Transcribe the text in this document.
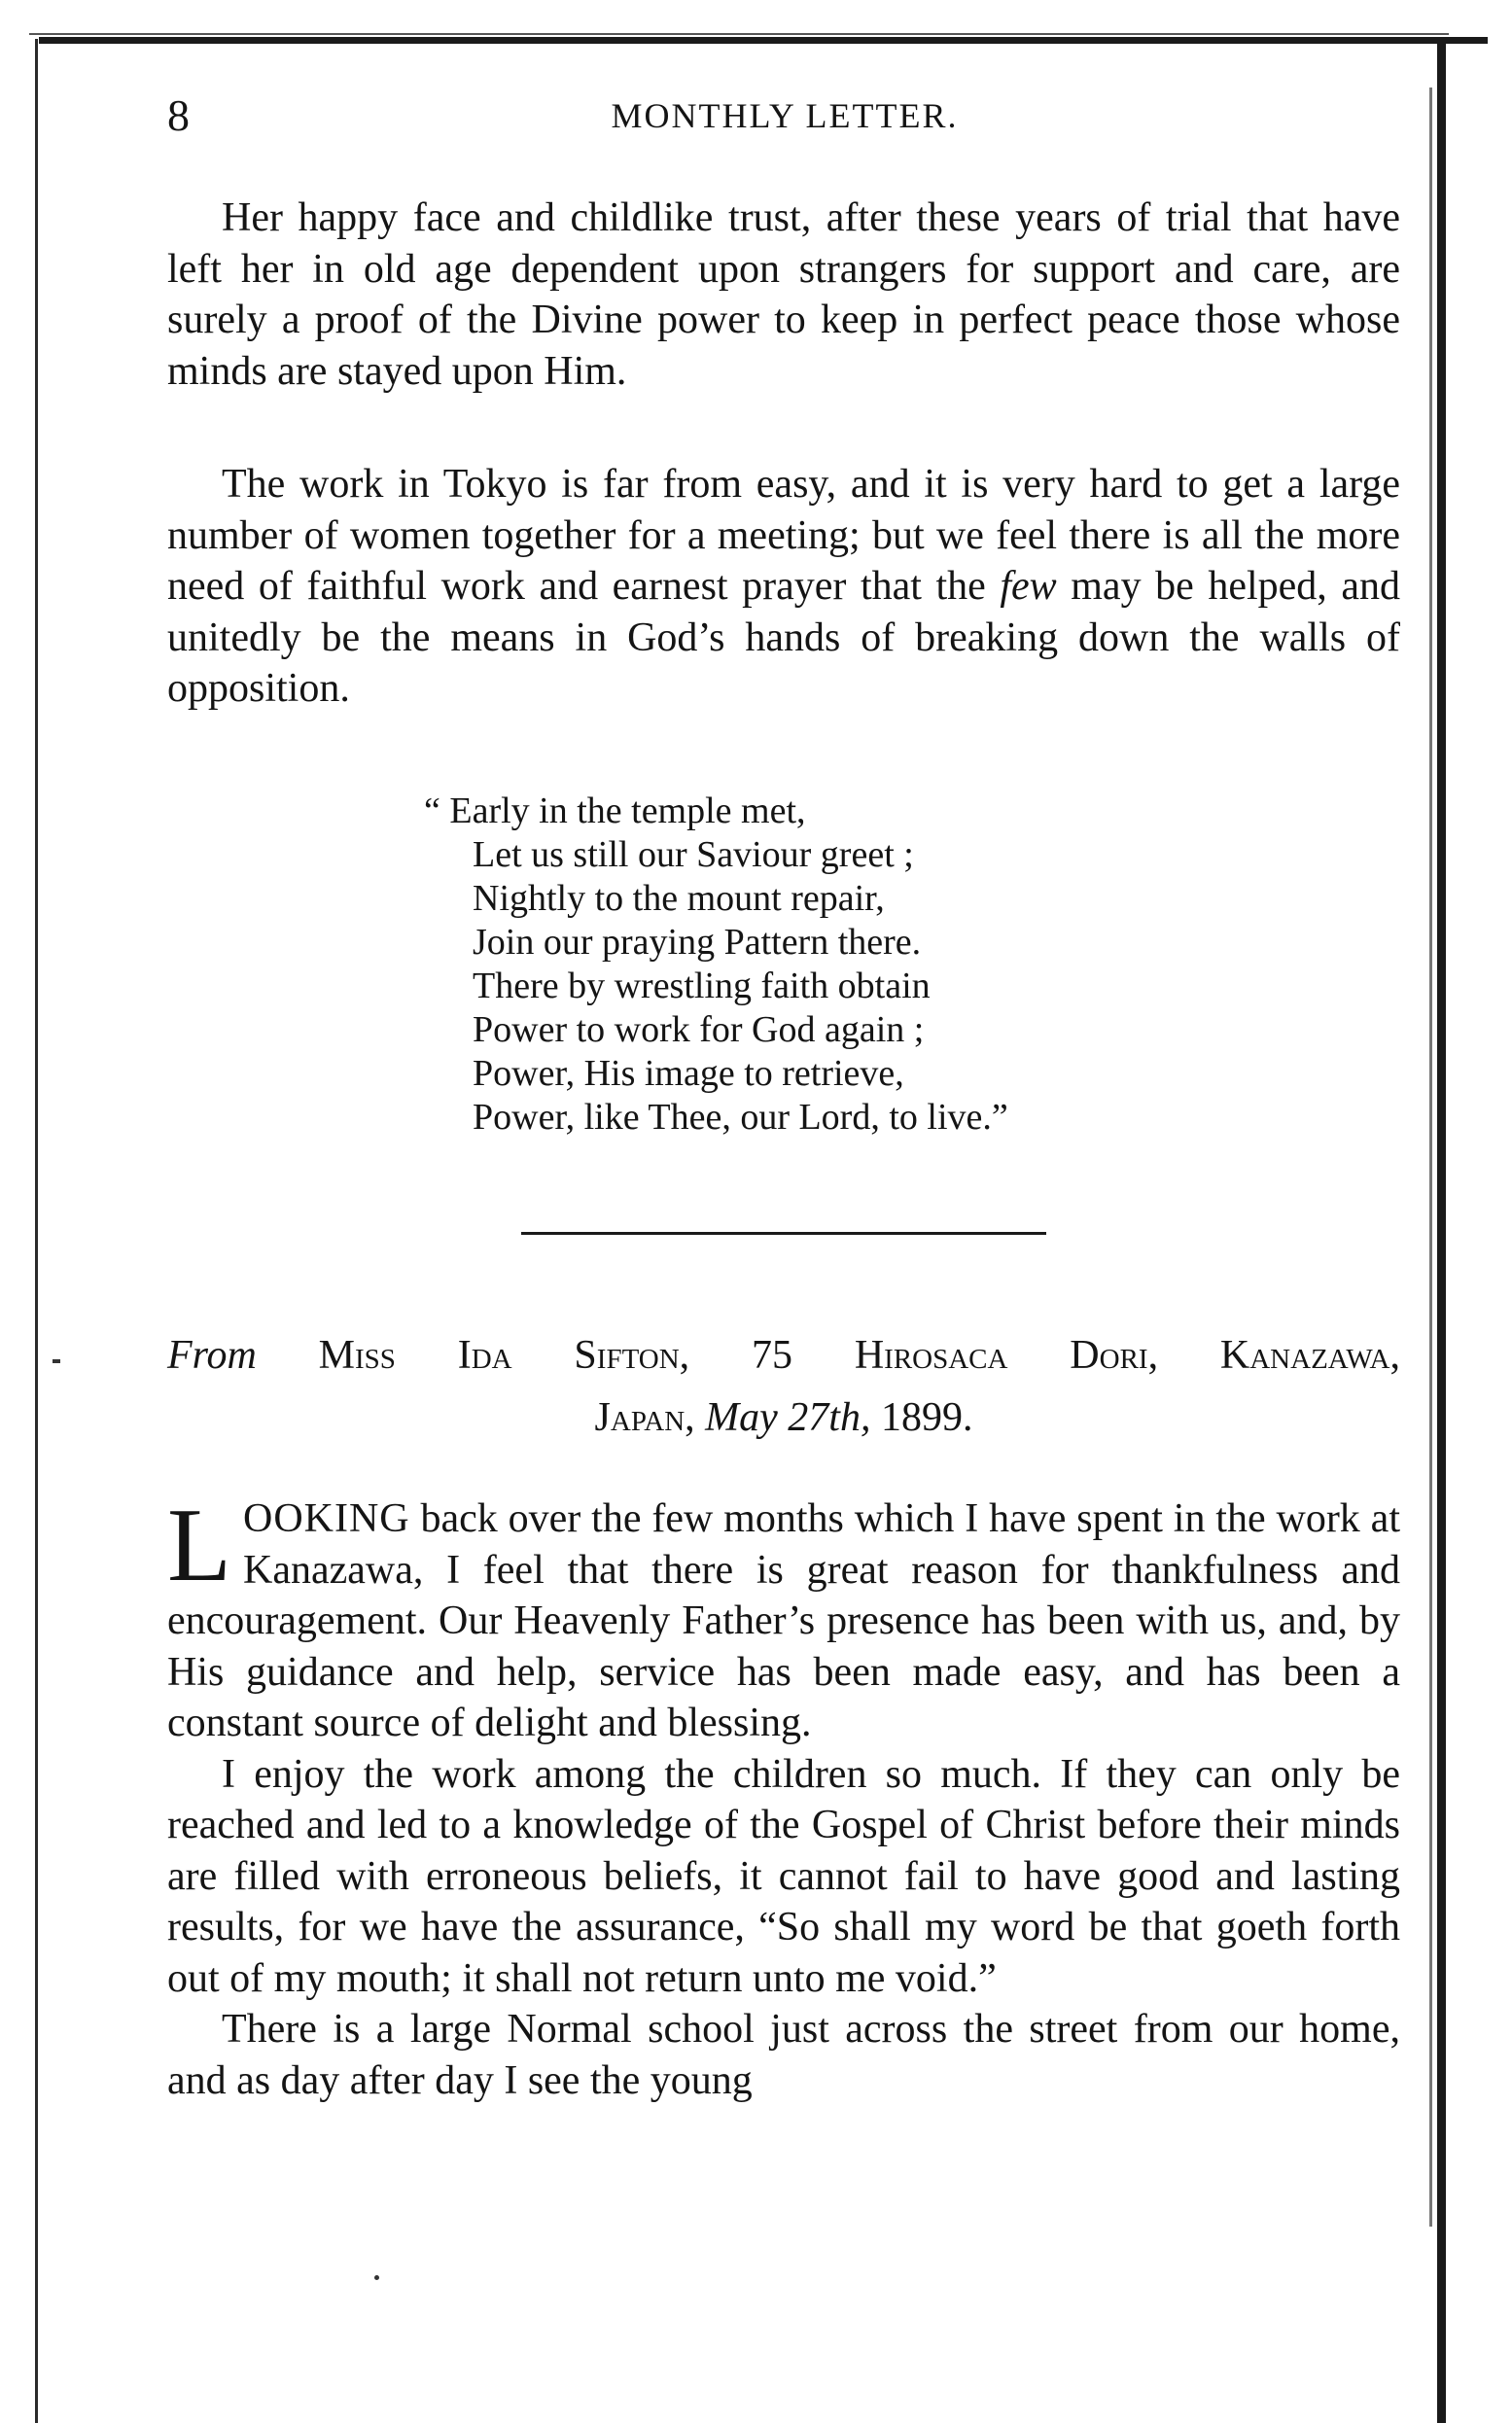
8	MONTHLY LETTER.

Her happy face and childlike trust, after these years of trial that have left her in old age dependent upon strangers for support and care, are surely a proof of the Divine power to keep in perfect peace those whose minds are stayed upon Him.

The work in Tokyo is far from easy, and it is very hard to get a large number of women together for a meeting; but we feel there is all the more need of faithful work and earnest prayer that the few may be helped, and unitedly be the means in God’s hands of breaking down the walls of opposition.

“ Early in the temple met,
Let us still our Saviour greet ;
Nightly to the mount repair,
Join our praying Pattern there.
There by wrestling faith obtain
Power to work for God again ;
Power, His image to retrieve,
Power, like Thee, our Lord, to live.”
From Miss Ida Sifton, 75 Hirosaca Dori, Kanazawa,
Japan, May 27th, 1899.

LOOKING back over the few months which I have spent in the work at Kanazawa, I feel that there is great reason for thankfulness and encouragement. Our Heavenly Father’s presence has been with us, and, by His guidance and help, service has been made easy, and has been a constant source of delight and blessing.

I enjoy the work among the children so much. If they can only be reached and led to a knowledge of the Gospel of Christ before their minds are filled with erroneous beliefs, it cannot fail to have good and lasting results, for we have the assurance, “So shall my word be that goeth forth out of my mouth; it shall not return unto me void.”

There is a large Normal school just across the street from our home, and as day after day I see the young
